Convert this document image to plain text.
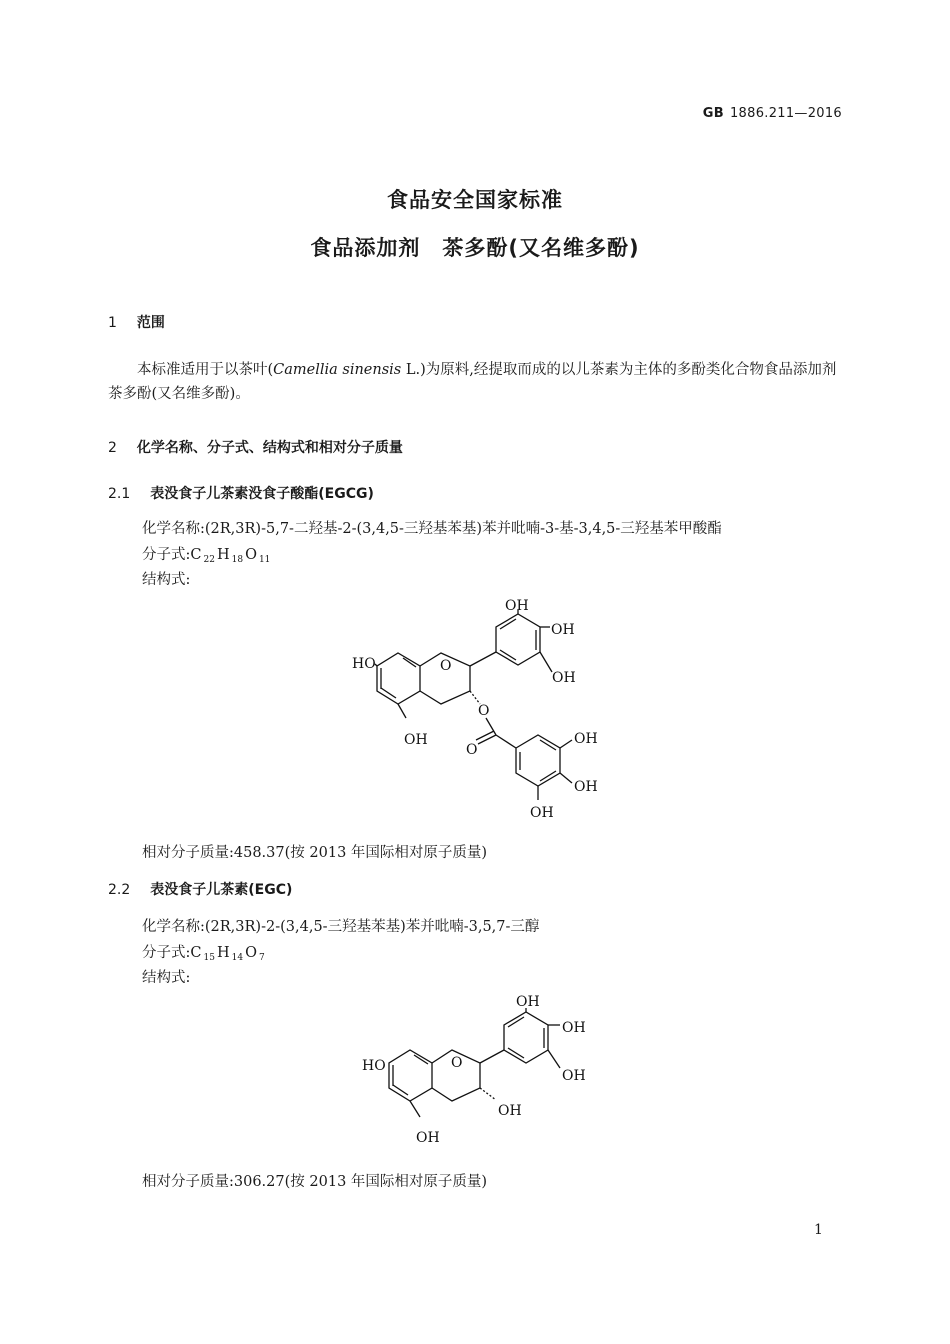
GB 1886.211—2016
食品安全国家标准
食品添加剂　茶多酚(又名维多酚)
1 范围
本标准适用于以茶叶(Camellia sinensis L.)为原料,经提取而成的以儿茶素为主体的多酚类化合物食品添加剂茶多酚(又名维多酚)。
2 化学名称、分子式、结构式和相对分子质量
2.1 表没食子儿茶素没食子酸酯(EGCG)
化学名称:(2R,3R)-5,7-二羟基-2-(3,4,5-三羟基苯基)苯并吡喃-3-基-3,4,5-三羟基苯甲酸酯
分子式:C $_{22}$ H $_{18}$ O $_{11}$
结构式:
HO	O
OH
OH
OH
OH
O
O
OH
OH
OH
相对分子质量:458.37(按 2013 年国际相对原子质量)
2.2 表没食子儿茶素(EGC)
化学名称:(2R,3R)-2-(3,4,5-三羟基苯基)苯并吡喃-3,5,7-三醇
分子式:C $_{15}$ H $_{14}$ O $_7$
结构式:
HO	O
OH
OH
OH
OH
OH
相对分子质量:306.27(按 2013 年国际相对原子质量)
1
